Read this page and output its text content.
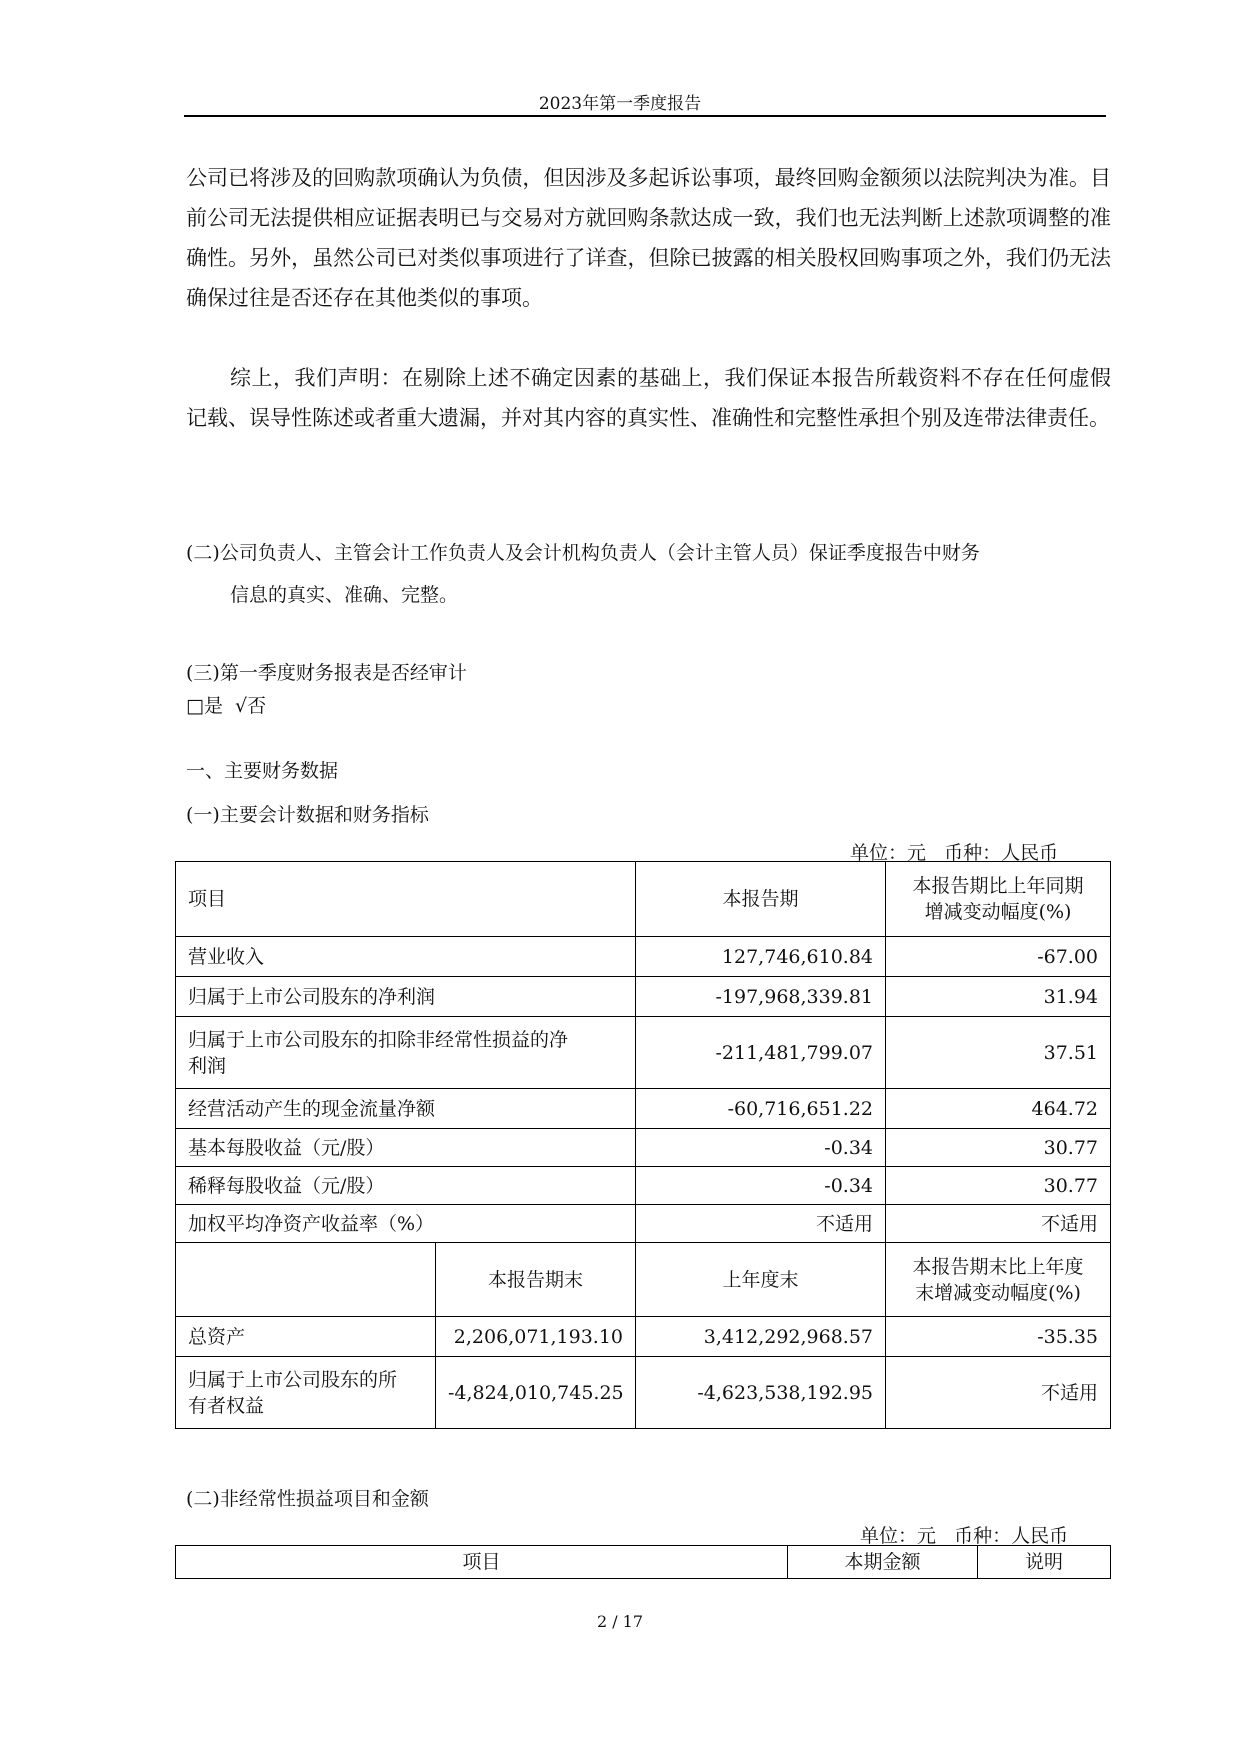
2023年第一季度报告

公司已将涉及的回购款项确认为负债，但因涉及多起诉讼事项，最终回购金额须以法院判决为准。目前公司无法提供相应证据表明已与交易对方就回购条款达成一致，我们也无法判断上述款项调整的准确性。另外，虽然公司已对类似事项进行了详查，但除已披露的相关股权回购事项之外，我们仍无法确保过往是否还存在其他类似的事项。

综上，我们声明：在剔除上述不确定因素的基础上，我们保证本报告所载资料不存在任何虚假记载、误导性陈述或者重大遗漏，并对其内容的真实性、准确性和完整性承担个别及连带法律责任。

(二)公司负责人、主管会计工作负责人及会计机构负责人（会计主管人员）保证季度报告中财务
信息的真实、准确、完整。
(三)第一季度财务报表是否经审计
□是  √否
一、主要财务数据
(一)主要会计数据和财务指标
单位：元   币种：人民币
项目		本报告期	本报告期比上年同期
增减变动幅度(%)
营业收入		127,746,610.84	-67.00
归属于上市公司股东的净利润		-197,968,339.81	31.94
归属于上市公司股东的扣除非经常性损益的净
利润		-211,481,799.07	37.51
经营活动产生的现金流量净额		-60,716,651.22	464.72
基本每股收益（元/股）		-0.34	30.77
稀释每股收益（元/股）		-0.34	30.77
加权平均净资产收益率（%）		不适用	不适用
	本报告期末	上年度末	本报告期末比上年度
末增减变动幅度(%)
总资产	2,206,071,193.10	3,412,292,968.57	-35.35
归属于上市公司股东的所
有者权益	-4,824,010,745.25	-4,623,538,192.95	不适用
(二)非经常性损益项目和金额
单位：元   币种：人民币
项目	本期金额	说明
2 / 17
